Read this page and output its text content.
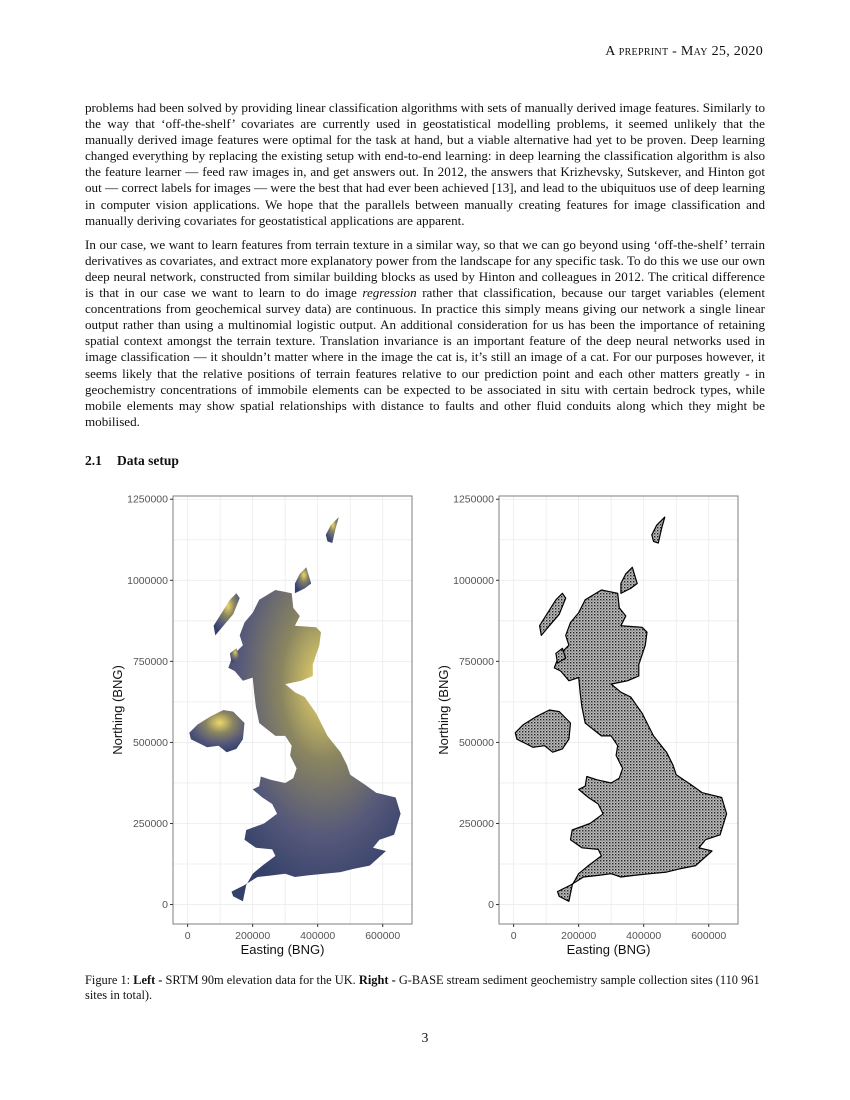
A preprint - May 25, 2020

problems had been solved by providing linear classification algorithms with sets of manually derived image features. Similarly to the way that ‘off-the-shelf’ covariates are currently used in geostatistical modelling problems, it seemed unlikely that the manually derived image features were optimal for the task at hand, but a viable alternative had yet to be proven. Deep learning changed everything by replacing the existing setup with end-to-end learning: in deep learning the classification algorithm is also the feature learner — feed raw images in, and get answers out. In 2012, the answers that Krizhevsky, Sutskever, and Hinton got out — correct labels for images — were the best that had ever been achieved [13], and lead to the ubiquituos use of deep learning in computer vision applications. We hope that the parallels between manually creating features for image classification and manually deriving covariates for geostatistical applications are apparent.

In our case, we want to learn features from terrain texture in a similar way, so that we can go beyond using ‘off-the-shelf’ terrain derivatives as covariates, and extract more explanatory power from the landscape for any specific task. To do this we use our own deep neural network, constructed from similar building blocks as used by Hinton and colleagues in 2012. The critical difference is that in our case we want to learn to do image regression rather that classification, because our target variables (element concentrations from geochemical survey data) are continuous. In practice this simply means giving our network a single linear output rather than using a multinomial logistic output. An additional consideration for us has been the importance of retaining spatial context amongst the terrain texture. Translation invariance is an important feature of the deep neural networks used in image classification — it shouldn’t matter where in the image the cat is, it’s still an image of a cat. For our purposes however, it seems likely that the relative positions of terrain features relative to our prediction point and each other matters greatly - in geochemistry concentrations of immobile elements can be expected to be associated in situ with certain bedrock types, while mobile elements may show spatial relationships with distance to faults and other fluid conduits along which they might be mobilised.

2.1 Data setup
0
250000
500000
750000
1000000
1250000
0	200000	400000	600000
Easting (BNG)
Northing (BNG)
0
250000
500000
750000
1000000
1250000
0	200000	400000	600000
Easting (BNG)
Northing (BNG)
Figure 1: Left - SRTM 90m elevation data for the UK. Right - G-BASE stream sediment geochemistry sample collection sites (110 961 sites in total).
3
